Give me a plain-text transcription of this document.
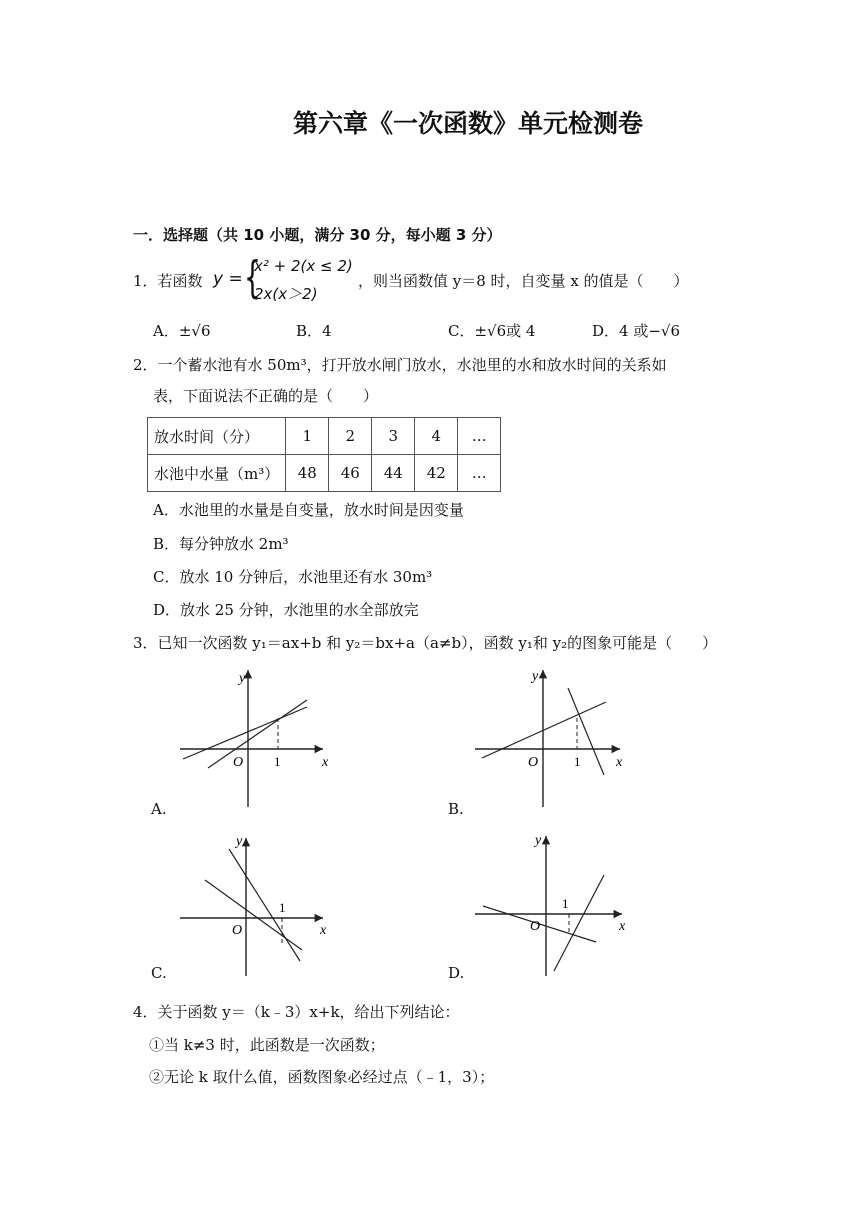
第六章《一次函数》单元检测卷
一．选择题（共 10 小题，满分 30 分，每小题 3 分）
1．若函数 y = {
x² + 2(x ≤ 2)
2x(x＞2)
，则当函数值 y＝8 时，自变量 x 的值是（　　）
A．±√6	B．4	C．±√6或 4	D．4 或−√6
2．一个蓄水池有水 50m³，打开放水闸门放水，水池里的水和放水时间的关系如
表，下面说法不正确的是（　　）
放水时间（分）	1	2	3	4	…
水池中水量（m³）	48	46	44	42	…
A．水池里的水量是自变量，放水时间是因变量
B．每分钟放水 2m³
C．放水 10 分钟后，水池里还有水 30m³
D．放水 25 分钟，水池里的水全部放完
3．已知一次函数 y₁＝ax+b 和 y₂＝bx+a（a≠b），函数 y₁和 y₂的图象可能是（　　）
y
x
O 1
A.
y
x
O	1
B.
y
x
O
1
C.
y
x
O
1
D.
4．关于函数 y＝（k﹣3）x+k，给出下列结论：
①当 k≠3 时，此函数是一次函数；
②无论 k 取什么值，函数图象必经过点（﹣1，3）；
